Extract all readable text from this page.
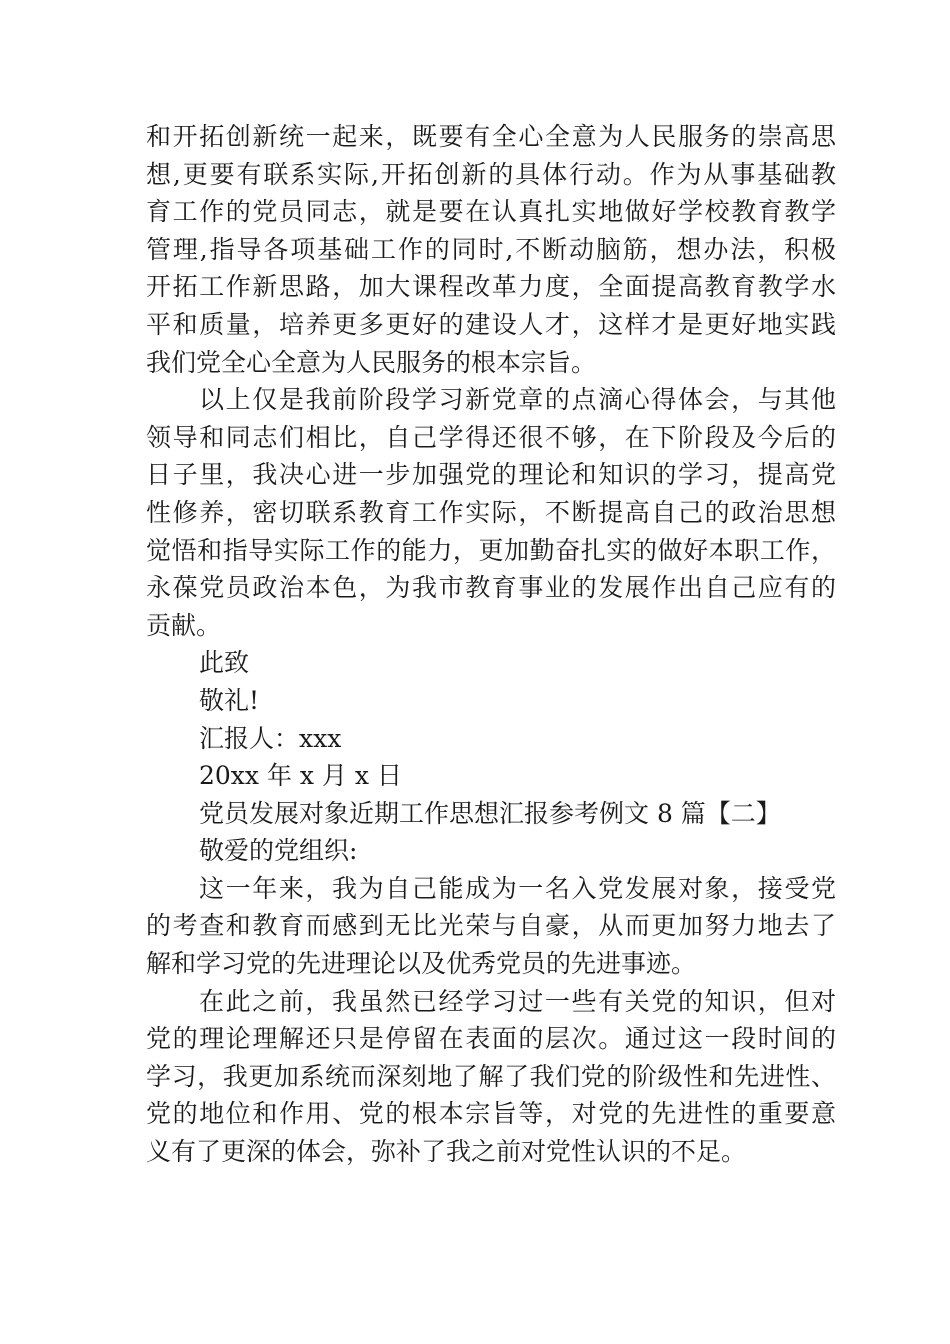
和开拓创新统一起来，既要有全心全意为人民服务的崇高思
想,更要有联系实际,开拓创新的具体行动。作为从事基础教
育工作的党员同志，就是要在认真扎实地做好学校教育教学
管理,指导各项基础工作的同时,不断动脑筋，想办法，积极
开拓工作新思路，加大课程改革力度，全面提高教育教学水
平和质量，培养更多更好的建设人才，这样才是更好地实践
我们党全心全意为人民服务的根本宗旨。
以上仅是我前阶段学习新党章的点滴心得体会，与其他
领导和同志们相比，自己学得还很不够，在下阶段及今后的
日子里，我决心进一步加强党的理论和知识的学习，提高党
性修养，密切联系教育工作实际，不断提高自己的政治思想
觉悟和指导实际工作的能力，更加勤奋扎实的做好本职工作，
永葆党员政治本色，为我市教育事业的发展作出自己应有的
贡献。
此致
敬礼!
汇报人：xxx
20xx 年 x 月 x 日
党员发展对象近期工作思想汇报参考例文 8 篇【二】
敬爱的党组织:
这一年来，我为自己能成为一名入党发展对象，接受党
的考查和教育而感到无比光荣与自豪，从而更加努力地去了
解和学习党的先进理论以及优秀党员的先进事迹。
在此之前，我虽然已经学习过一些有关党的知识，但对
党的理论理解还只是停留在表面的层次。通过这一段时间的
学习，我更加系统而深刻地了解了我们党的阶级性和先进性、
党的地位和作用、党的根本宗旨等，对党的先进性的重要意
义有了更深的体会，弥补了我之前对党性认识的不足。
